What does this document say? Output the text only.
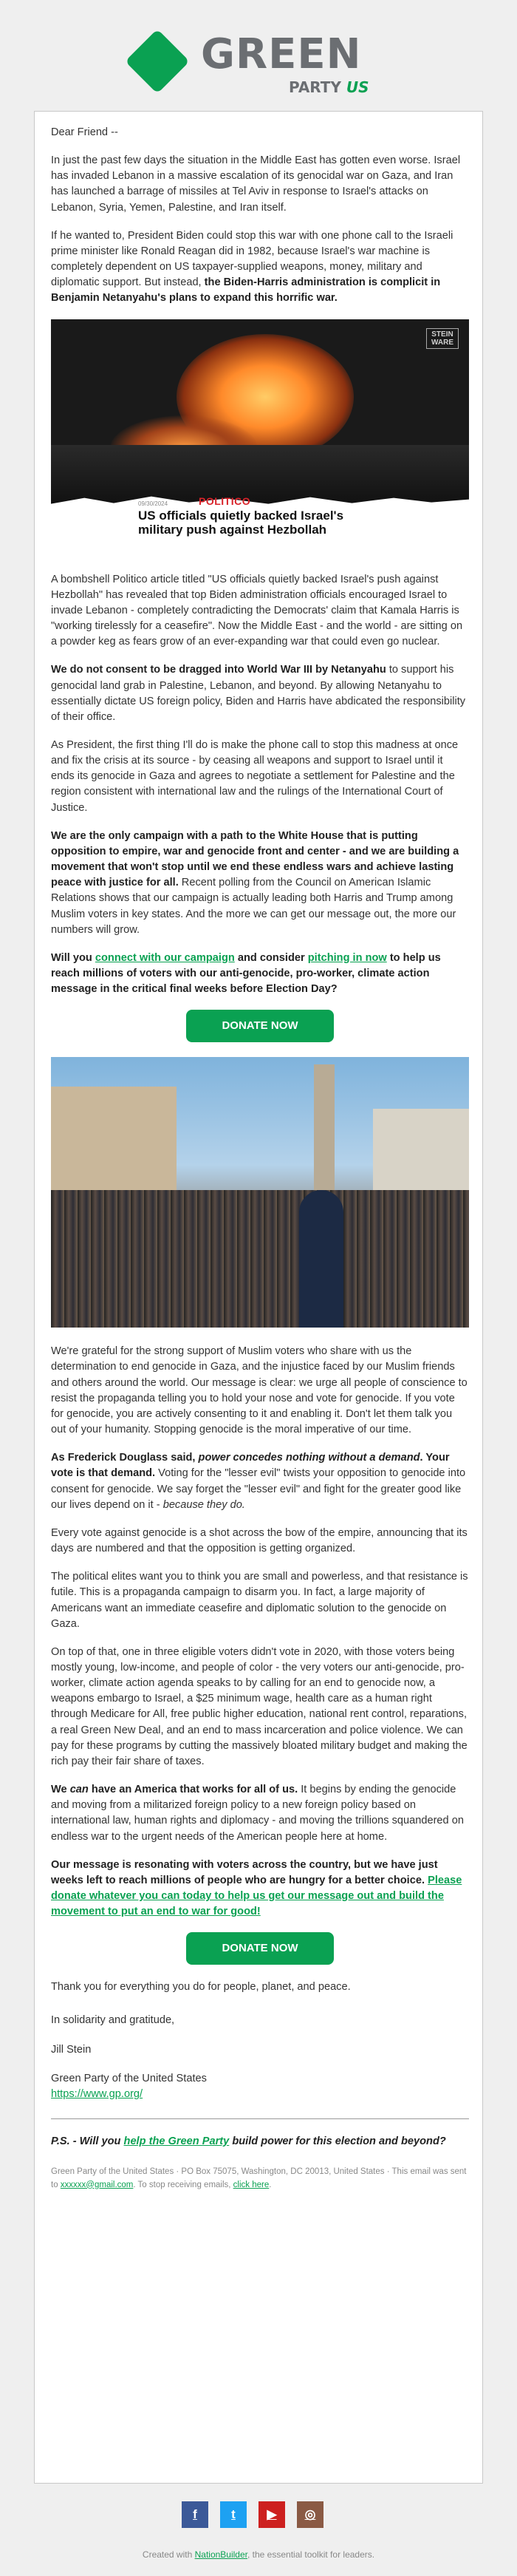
GREEN
PARTY US

Dear Friend --

In just the past few days the situation in the Middle East has gotten even worse. Israel has invaded Lebanon in a massive escalation of its genocidal war on Gaza, and Iran has launched a barrage of missiles at Tel Aviv in response to Israel's attacks on Lebanon, Syria, Yemen, Palestine, and Iran itself.

If he wanted to, President Biden could stop this war with one phone call to the Israeli prime minister like Ronald Reagan did in 1982, because Israel's war machine is completely dependent on US taxpayer-supplied weapons, money, military and diplomatic support. But instead, the Biden-Harris administration is complicit in Benjamin Netanyahu's plans to expand this horrific war.

STEIN WARE
POLITICO
09/30/2024
US officials quietly backed Israel's military push against Hezbollah

A bombshell Politico article titled "US officials quietly backed Israel's push against Hezbollah" has revealed that top Biden administration officials encouraged Israel to invade Lebanon - completely contradicting the Democrats' claim that Kamala Harris is "working tirelessly for a ceasefire". Now the Middle East - and the world - are sitting on a powder keg as fears grow of an ever-expanding war that could even go nuclear.

We do not consent to be dragged into World War III by Netanyahu to support his genocidal land grab in Palestine, Lebanon, and beyond. By allowing Netanyahu to essentially dictate US foreign policy, Biden and Harris have abdicated the responsibility of their office.

As President, the first thing I'll do is make the phone call to stop this madness at once and fix the crisis at its source - by ceasing all weapons and support to Israel until it ends its genocide in Gaza and agrees to negotiate a settlement for Palestine and the region consistent with international law and the rulings of the International Court of Justice.

We are the only campaign with a path to the White House that is putting opposition to empire, war and genocide front and center - and we are building a movement that won't stop until we end these endless wars and achieve lasting peace with justice for all. Recent polling from the Council on American Islamic Relations shows that our campaign is actually leading both Harris and Trump among Muslim voters in key states. And the more we can get our message out, the more our numbers will grow.

Will you connect with our campaign and consider pitching in now to help us reach millions of voters with our anti-genocide, pro-worker, climate action message in the critical final weeks before Election Day?

DONATE NOW

We're grateful for the strong support of Muslim voters who share with us the determination to end genocide in Gaza, and the injustice faced by our Muslim friends and others around the world. Our message is clear: we urge all people of conscience to resist the propaganda telling you to hold your nose and vote for genocide. If you vote for genocide, you are actively consenting to it and enabling it. Don't let them talk you out of your humanity. Stopping genocide is the moral imperative of our time.

As Frederick Douglass said, power concedes nothing without a demand. Your vote is that demand. Voting for the "lesser evil" twists your opposition to genocide into consent for genocide. We say forget the "lesser evil" and fight for the greater good like our lives depend on it - because they do.

Every vote against genocide is a shot across the bow of the empire, announcing that its days are numbered and that the opposition is getting organized.

The political elites want you to think you are small and powerless, and that resistance is futile. This is a propaganda campaign to disarm you. In fact, a large majority of Americans want an immediate ceasefire and diplomatic solution to the genocide on Gaza.

On top of that, one in three eligible voters didn't vote in 2020, with those voters being mostly young, low-income, and people of color - the very voters our anti-genocide, pro-worker, climate action agenda speaks to by calling for an end to genocide now, a weapons embargo to Israel, a $25 minimum wage, health care as a human right through Medicare for All, free public higher education, national rent control, reparations, a real Green New Deal, and an end to mass incarceration and police violence. We can pay for these programs by cutting the massively bloated military budget and making the rich pay their fair share of taxes.

We can have an America that works for all of us. It begins by ending the genocide and moving from a militarized foreign policy to a new foreign policy based on international law, human rights and diplomacy - and moving the trillions squandered on endless war to the urgent needs of the American people here at home.

Our message is resonating with voters across the country, but we have just weeks left to reach millions of people who are hungry for a better choice. Please donate whatever you can today to help us get our message out and build the movement to put an end to war for good!

DONATE NOW

Thank you for everything you do for people, planet, and peace.

In solidarity and gratitude,

Jill Stein

Green Party of the United States
https://www.gp.org/

P.S. - Will you help the Green Party build power for this election and beyond?

Green Party of the United States · PO Box 75075, Washington, DC 20013, United States · This email was sent to xxxxxx@gmail.com. To stop receiving emails, click here.

f	t	▶	◎
Created with NationBuilder, the essential toolkit for leaders.
